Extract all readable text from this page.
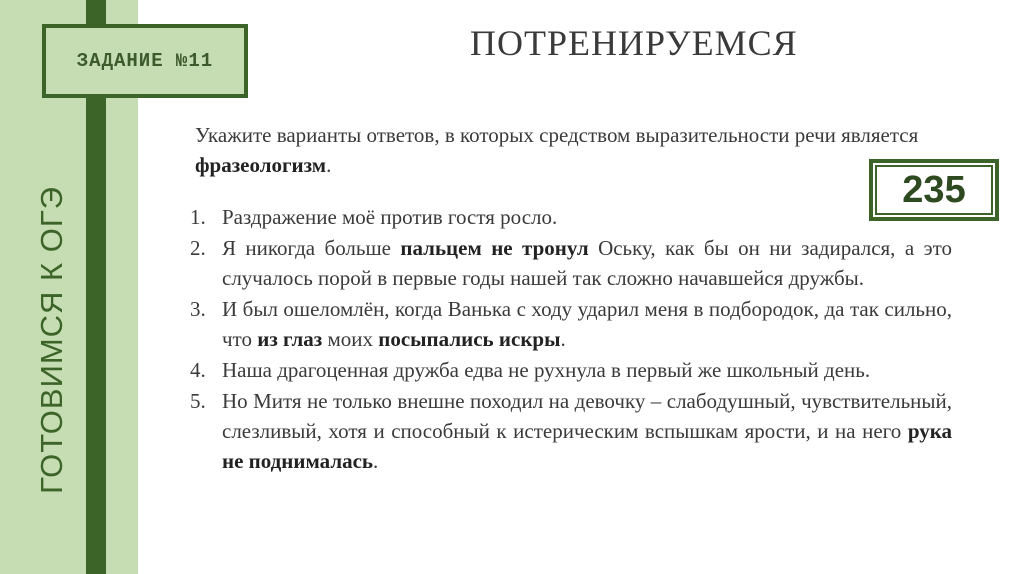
ГОТОВИМСЯ К ОГЭ
ЗАДАНИЕ №11	ПОТРЕНИРУЕМСЯ
235
Укажите варианты ответов, в которых средством выразительности речи является фразеологизм.
1. Раздражение моё против гостя росло.
2. Я никогда больше пальцем не тронул Оську, как бы он ни задирался, а это случалось порой в первые годы нашей так сложно начавшейся дружбы.
3. И был ошеломлён, когда Ванька с ходу ударил меня в подбородок, да так сильно, что из глаз моих посыпались искры.
4. Наша драгоценная дружба едва не рухнула в первый же школьный день.
5. Но Митя не только внешне походил на девочку – слабодушный, чувствительный, слезливый, хотя и способный к истерическим вспышкам ярости, и на него рука не поднималась.
